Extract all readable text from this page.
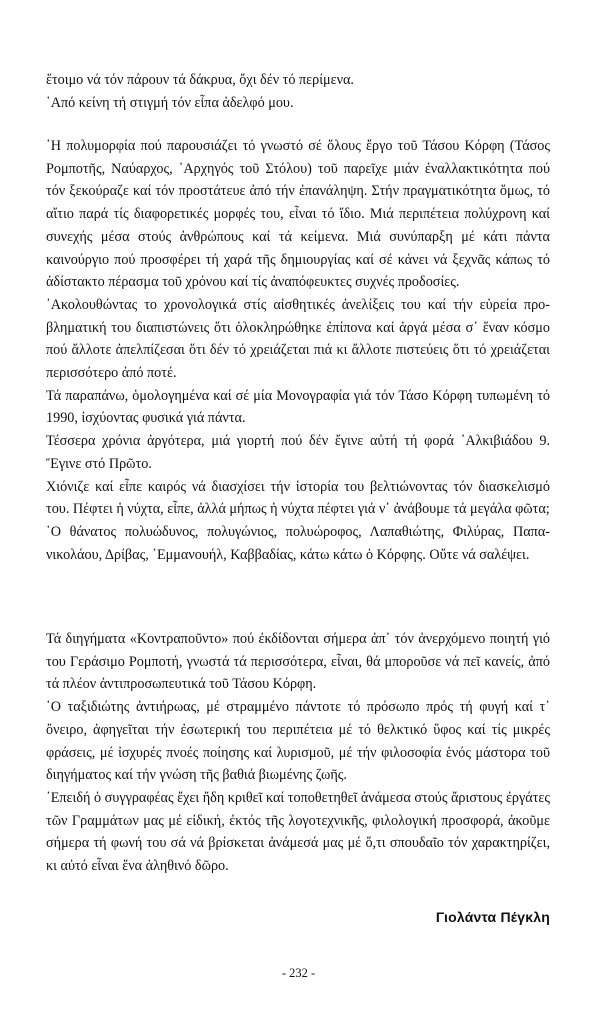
ἕτοιμο νά τόν πάρουν τά δάκρυα, ὄχι δέν τό περίμενα.

῾Από κείνη τή στιγμή τόν εἶπα ἀδελφό μου.

῾Η πολυμορφία πού παρουσιάζει τό γνωστό σέ ὅλους ἔργο τοῦ Τάσου Κόρφη (Τάσος Ρομποτῆς, Ναύαρχος, ᾿Αρχηγός τοῦ Στόλου) τοῦ παρεῖχε μιάν ἐναλλακτικότητα πού τόν ξεκούραζε καί τόν προστάτευε ἀπό τήν ἐπανάληψη. Στήν πραγματικότητα ὅμως, τό αἴτιο παρά τίς διαφορετικές μορφές του, εἶναι τό ἴδιο. Μιά περιπέτεια πολύχρονη καί συνεχής μέσα στούς ἀνθρώπους καί τά κείμενα. Μιά συνύπαρξη μέ κάτι πάντα καινούργιο πού προσφέρει τή χαρά τῆς δημιουργίας καί σέ κάνει νά ξεχνᾶς κάπως τό ἀδίστακτο πέρασμα τοῦ χρόνου καί τίς ἀναπόφευκτες συχνές προδοσίες.

᾿Ακολουθώντας το χρονολογικά στίς αἰσθητικές ἀνελίξεις του καί τήν εὑρεία προβληματική του διαπιστώνεις ὅτι ὁλοκληρώθηκε ἐπίπονα καί ἀργά μέσα σ᾿ ἕναν κόσμο πού ἄλλοτε ἀπελπίζεσαι ὅτι δέν τό χρειάζεται πιά κι ἄλλοτε πιστεύεις ὅτι τό χρειάζεται περισσότερο ἀπό ποτέ.

Τά παραπάνω, ὁμολογημένα καί σέ μία Μονογραφία γιά τόν Τάσο Κόρφη τυπωμένη τό 1990, ἰσχύοντας φυσικά γιά πάντα.

Τέσσερα χρόνια ἀργότερα, μιά γιορτή πού δέν ἔγινε αὐτή τή φορά ᾿Αλκιβιάδου 9. Ἔγινε στό Πρῶτο.

Χιόνιζε καί εἶπε καιρός νά διασχίσει τήν ἱστορία του βελτιώνοντας τόν διασκελισμό του. Πέφτει ἡ νύχτα, εἶπε, ἀλλά μήπως ἡ νύχτα πέφτει γιά ν᾿ ἀνάβουμε τά μεγάλα φῶτα;

῾Ο θάνατος πολυώδυνος, πολυγώνιος, πολυώροφος, Λαπαθιώτης, Φιλύρας, Παπανικολάου, Δρίβας, ῾Εμμανουήλ, Καββαδίας, κάτω κάτω ὁ Κόρφης. Οὔτε νά σαλέψει.

Τά διηγήματα «Κοντραποῦντο» πού ἐκδίδονται σήμερα ἀπ᾿ τόν ἀνερχόμενο ποιητή γιό του Γεράσιμο Ρομποτή, γνωστά τά περισσότερα, εἶναι, θά μποροῦσε νά πεῖ κανείς, ἀπό τά πλέον ἀντιπροσωπευτικά τοῦ Τάσου Κόρφη.

῾Ο ταξιδιώτης ἀντιήρωας, μέ στραμμένο πάντοτε τό πρόσωπο πρός τή φυγή καί τ᾿ ὄνειρο, ἀφηγεῖται τήν ἐσωτερική του περιπέτεια μέ τό θελκτικό ὕφος καί τίς μικρές φράσεις, μέ ἰσχυρές πνοές ποίησης καί λυρισμοῦ, μέ τήν φιλοσοφία ἑνός μάστορα τοῦ διηγήματος καί τήν γνώση τῆς βαθιά βιωμένης ζωῆς.

᾿Επειδή ὁ συγγραφέας ἔχει ἤδη κριθεῖ καί τοποθετηθεῖ ἀνάμεσα στούς ἄριστους ἐργάτες τῶν Γραμμάτων μας μέ εἰδική, ἐκτός τῆς λογοτεχνικῆς, φιλολογική προσφορά, ἀκοῦμε σήμερα τή φωνή του σά νά βρίσκεται ἀνάμεσά μας μέ ὅ,τι σπουδαῖο τόν χαρακτηρίζει, κι αὐτό εἶναι ἕνα ἀληθινό δῶρο.

Γιολάντα Πέγκλη
- 232 -
